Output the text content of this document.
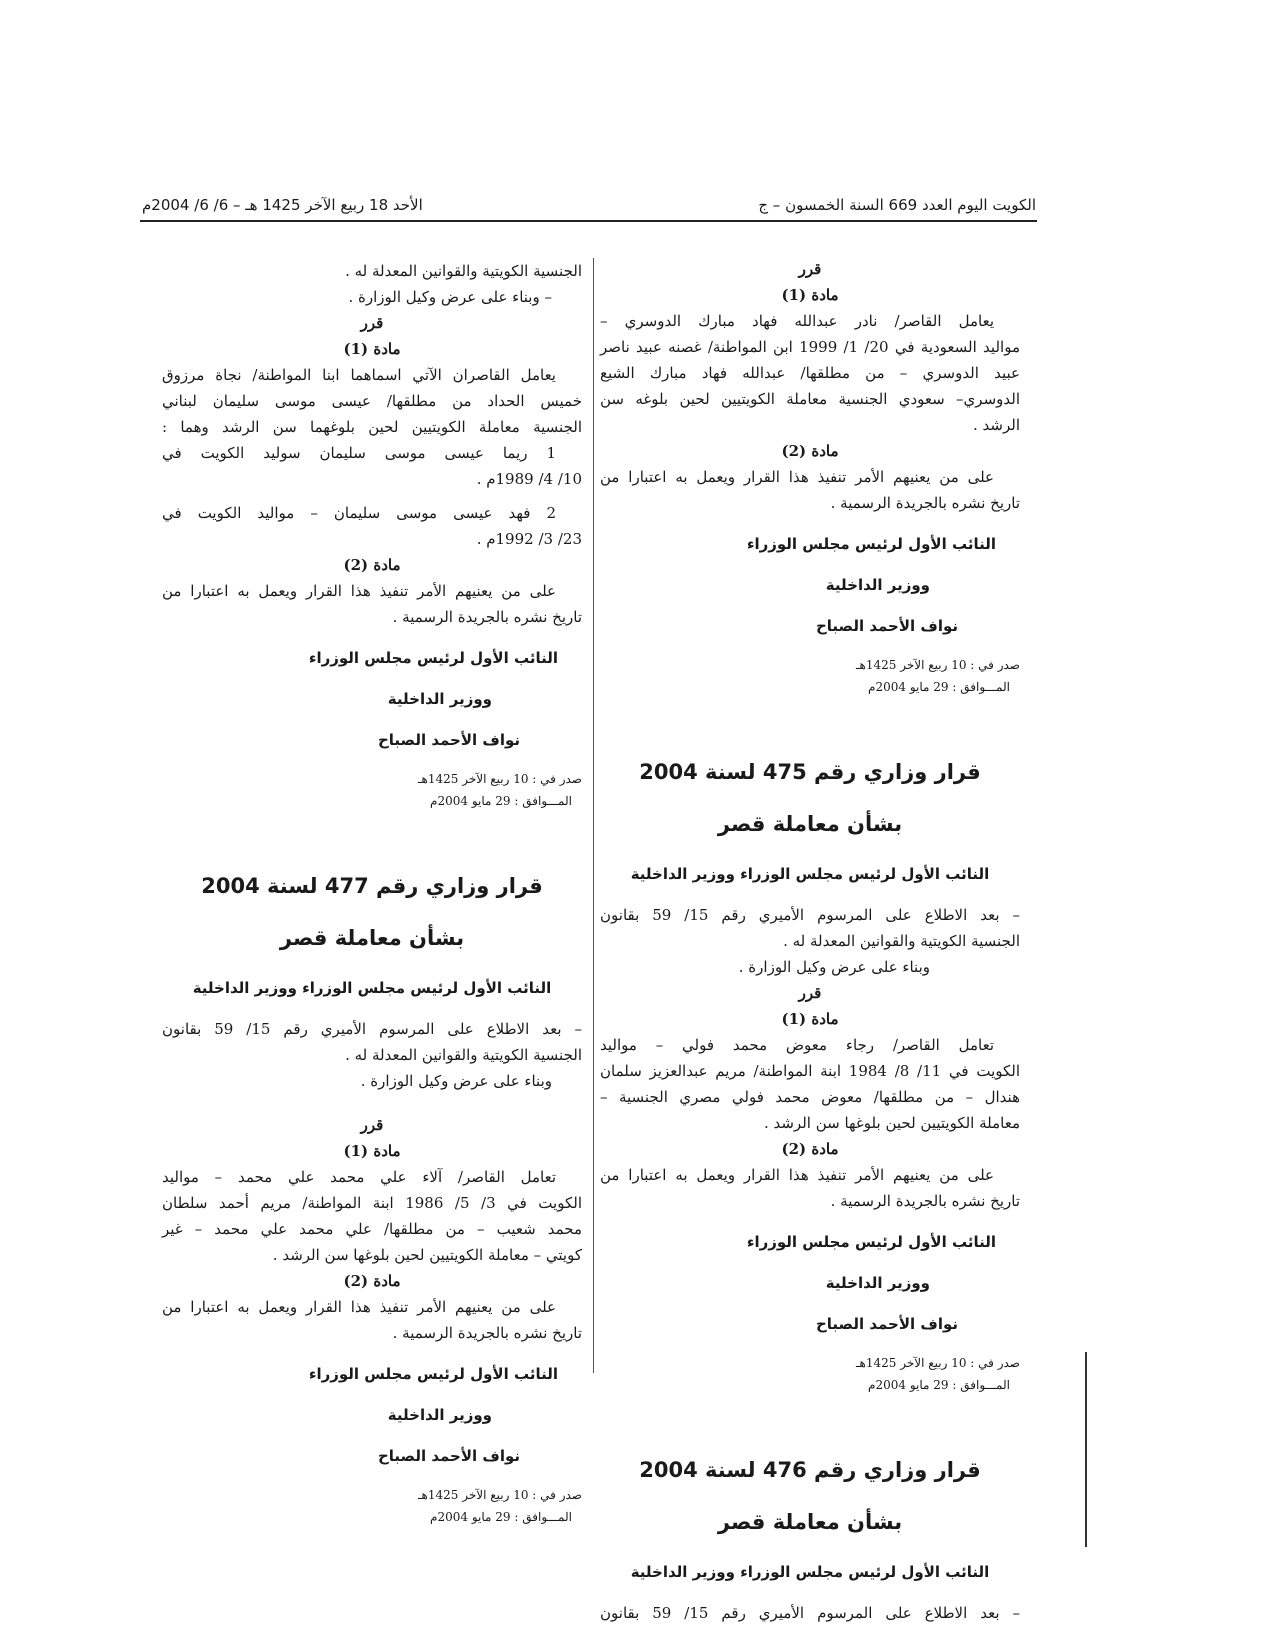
الكويت اليوم العدد 669 السنة الخمسون – ج
الأحد 18 ربيع الآخر 1425 هـ – 6/ 6/ 2004م

قرر

مادة (1)

يعامل القاصر/ نادر عبدالله فهاد مبارك الدوسري –

مواليد السعودية في 20/ 1/ 1999 ابن المواطنة/ غصنه عبيد ناصر

عبيد الدوسري – من مطلقها/ عبدالله فهاد مبارك الشيع

الدوسري– سعودي الجنسية معاملة الكويتيين لحين بلوغه سن

الرشد .

مادة (2)

على من يعنيهم الأمر تنفيذ هذا القرار ويعمل به اعتبارا من

تاريخ نشره بالجريدة الرسمية .

النائب الأول لرئيس مجلس الوزراء

ووزير الداخلية

نواف الأحمد الصباح

صدر في : 10 ربيع الآخر 1425هـ

المـــوافق : 29 مايو 2004م

قرار وزاري رقم 475 لسنة 2004

بشأن معاملة قصر

النائب الأول لرئيس مجلس الوزراء ووزير الداخلية

– بعد الاطلاع على المرسوم الأميري رقم 15/ 59 بقانون

الجنسية الكويتية والقوانين المعدلة له .

وبناء على عرض وكيل الوزارة .

قرر

مادة (1)

تعامل القاصر/ رجاء معوض محمد فولي – مواليد

الكويت في 11/ 8/ 1984 ابنة المواطنة/ مريم عبدالعزيز سلمان

هندال – من مطلقها/ معوض محمد فولي مصري الجنسية –

معاملة الكويتيين لحين بلوغها سن الرشد .

مادة (2)

على من يعنيهم الأمر تنفيذ هذا القرار ويعمل به اعتبارا من

تاريخ نشره بالجريدة الرسمية .

النائب الأول لرئيس مجلس الوزراء

ووزير الداخلية

نواف الأحمد الصباح

صدر في : 10 ربيع الآخر 1425هـ

المـــوافق : 29 مايو 2004م

قرار وزاري رقم 476 لسنة 2004

بشأن معاملة قصر

النائب الأول لرئيس مجلس الوزراء ووزير الداخلية

– بعد الاطلاع على المرسوم الأميري رقم 15/ 59 بقانون

الجنسية الكويتية والقوانين المعدلة له .

– وبناء على عرض وكيل الوزارة .

قرر

مادة (1)

يعامل القاصران الآتي اسماهما ابنا المواطنة/ نجاة مرزوق

خميس الحداد من مطلقها/ عيسى موسى سليمان لبناني

الجنسية معاملة الكويتيين لحين بلوغهما سن الرشد وهما :

1 ريما عيسى موسى سليمان سوليد الكويت في

10/ 4/ 1989م .

2 فهد عيسى موسى سليمان – مواليد الكويت في

23/ 3/ 1992م .

مادة (2)

على من يعنيهم الأمر تنفيذ هذا القرار ويعمل به اعتبارا من

تاريخ نشره بالجريدة الرسمية .

النائب الأول لرئيس مجلس الوزراء

ووزير الداخلية

نواف الأحمد الصباح

صدر في : 10 ربيع الآخر 1425هـ

المـــوافق : 29 مايو 2004م

قرار وزاري رقم 477 لسنة 2004

بشأن معاملة قصر

النائب الأول لرئيس مجلس الوزراء ووزير الداخلية

– بعد الاطلاع على المرسوم الأميري رقم 15/ 59 بقانون

الجنسية الكويتية والقوانين المعدلة له .

وبناء على عرض وكيل الوزارة .

قرر

مادة (1)

تعامل القاصر/ آلاء علي محمد علي محمد – مواليد

الكويت في 3/ 5/ 1986 ابنة المواطنة/ مريم أحمد سلطان

محمد شعيب – من مطلقها/ علي محمد علي محمد – غير

كويتي – معاملة الكويتيين لحين بلوغها سن الرشد .

مادة (2)

على من يعنيهم الأمر تنفيذ هذا القرار ويعمل به اعتبارا من

تاريخ نشره بالجريدة الرسمية .

النائب الأول لرئيس مجلس الوزراء

ووزير الداخلية

نواف الأحمد الصباح

صدر في : 10 ربيع الآخر 1425هـ

المـــوافق : 29 مايو 2004م
